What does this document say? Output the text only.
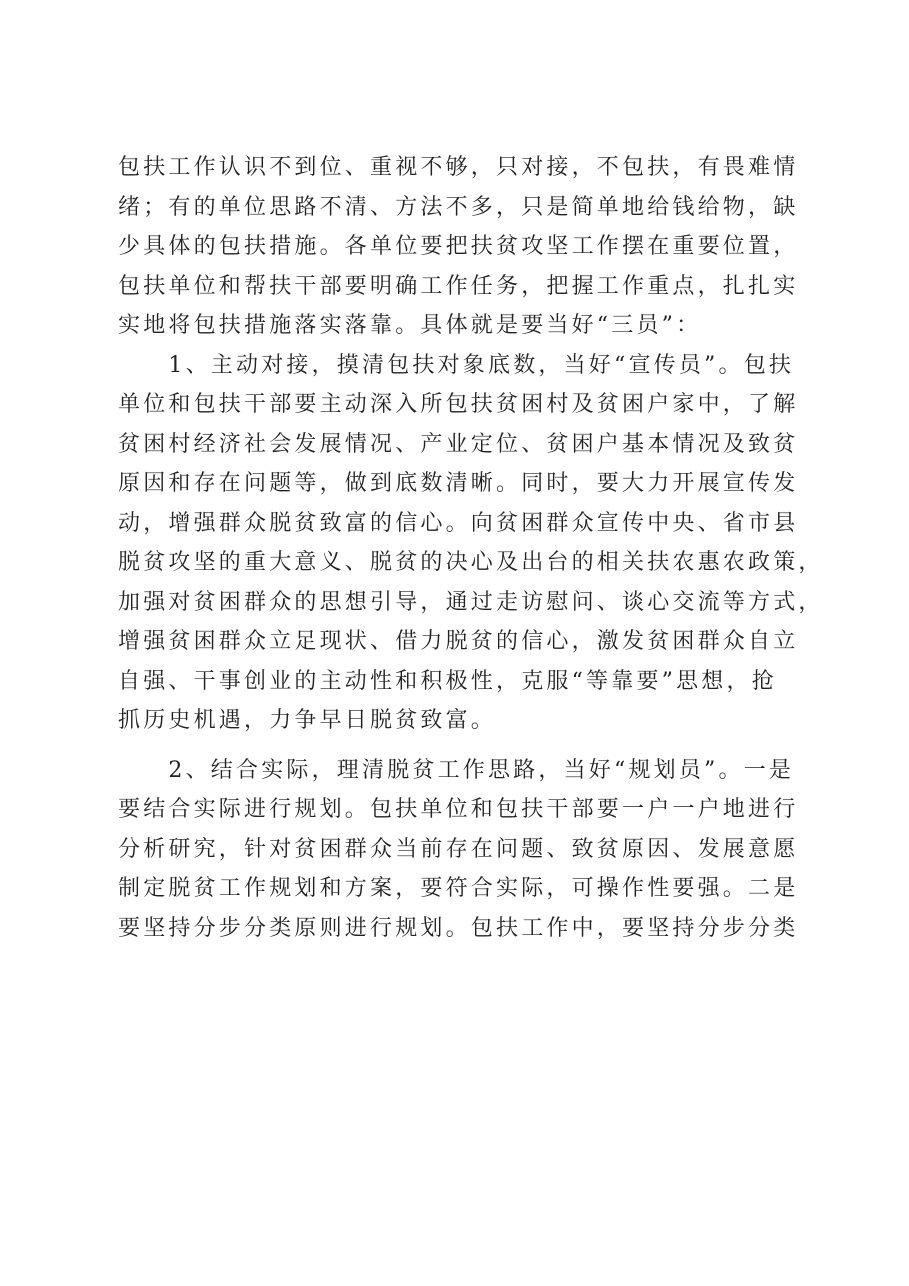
包扶工作认识不到位、重视不够，只对接，不包扶，有畏难情
绪；有的单位思路不清、方法不多，只是简单地给钱给物，缺
少具体的包扶措施。各单位要把扶贫攻坚工作摆在重要位置，
包扶单位和帮扶干部要明确工作任务，把握工作重点，扎扎实
实地将包扶措施落实落靠。具体就是要当好“三员”：
　　1、主动对接，摸清包扶对象底数，当好“宣传员”。包扶
单位和包扶干部要主动深入所包扶贫困村及贫困户家中，了解
贫困村经济社会发展情况、产业定位、贫困户基本情况及致贫
原因和存在问题等，做到底数清晰。同时，要大力开展宣传发
动，增强群众脱贫致富的信心。向贫困群众宣传中央、省市县
脱贫攻坚的重大意义、脱贫的决心及出台的相关扶农惠农政策，
加强对贫困群众的思想引导，通过走访慰问、谈心交流等方式，
增强贫困群众立足现状、借力脱贫的信心，激发贫困群众自立
自强、干事创业的主动性和积极性，克服“等靠要”思想，抢
抓历史机遇，力争早日脱贫致富。
　　2、结合实际，理清脱贫工作思路，当好“规划员”。一是
要结合实际进行规划。包扶单位和包扶干部要一户一户地进行
分析研究，针对贫困群众当前存在问题、致贫原因、发展意愿
制定脱贫工作规划和方案，要符合实际，可操作性要强。二是
要坚持分步分类原则进行规划。包扶工作中，要坚持分步分类
